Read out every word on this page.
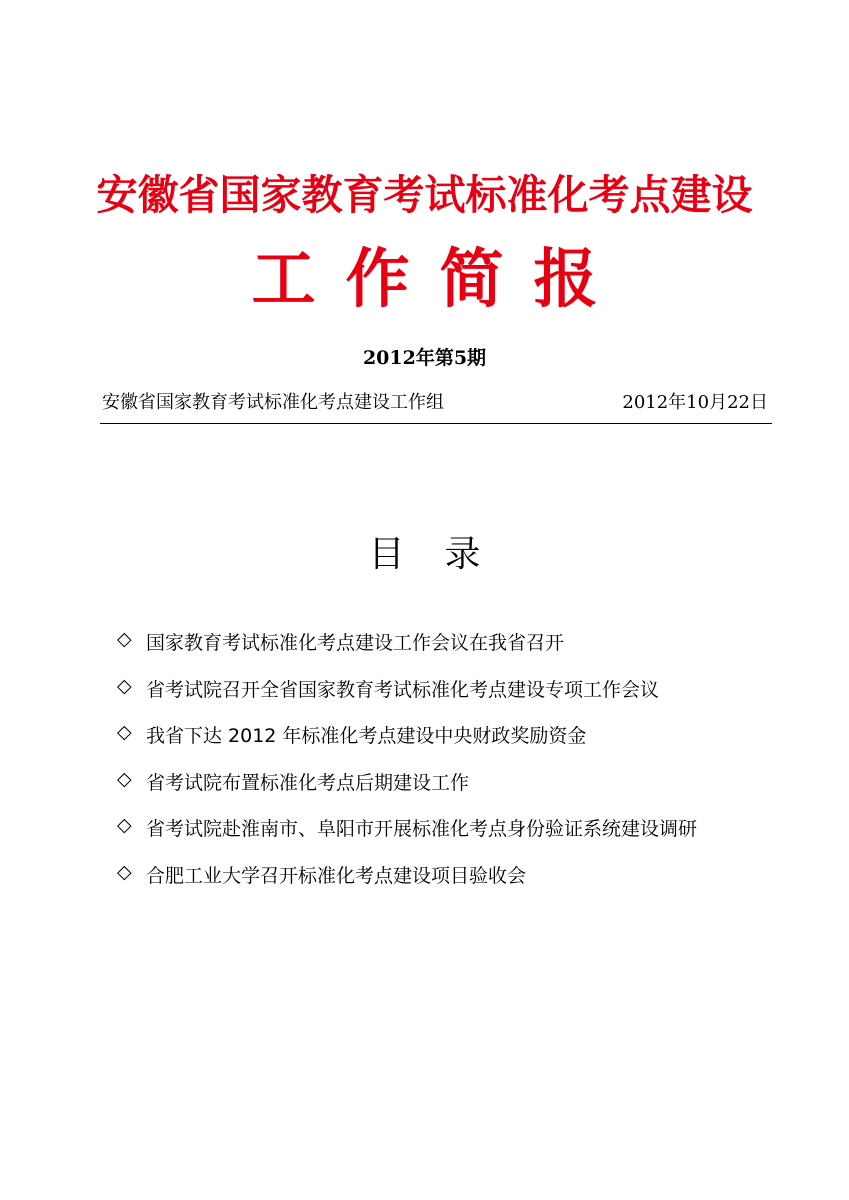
安徽省国家教育考试标准化考点建设
工作简报
2012年第5期
安徽省国家教育考试标准化考点建设工作组	2012年10月22日
目录
◇ 国家教育考试标准化考点建设工作会议在我省召开
◇ 省考试院召开全省国家教育考试标准化考点建设专项工作会议
◇ 我省下达 2012 年标准化考点建设中央财政奖励资金
◇ 省考试院布置标准化考点后期建设工作
◇ 省考试院赴淮南市、阜阳市开展标准化考点身份验证系统建设调研
◇ 合肥工业大学召开标准化考点建设项目验收会
